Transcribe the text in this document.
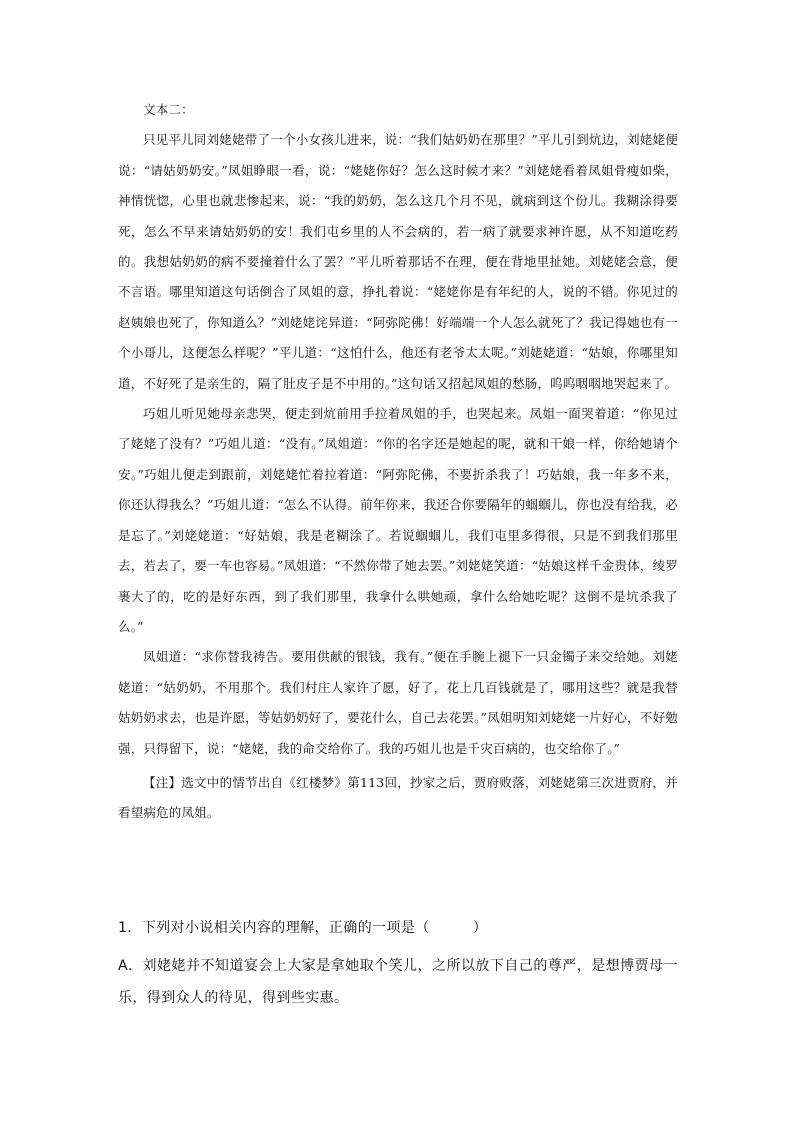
文本二：

只见平儿同刘姥姥带了一个小女孩儿进来，说：“我们姑奶奶在那里？”平儿引到炕边，刘姥姥便说：“请姑奶奶安。”凤姐睁眼一看，说：“姥姥你好？怎么这时候才来？”刘姥姥看着凤姐骨瘦如柴，神情恍惚，心里也就悲惨起来，说：“我的奶奶，怎么这几个月不见，就病到这个份儿。我糊涂得要死，怎么不早来请姑奶奶的安！我们屯乡里的人不会病的，若一病了就要求神许愿，从不知道吃药的。我想姑奶奶的病不要撞着什么了罢？”平儿听着那话不在理，便在背地里扯她。刘姥姥会意，便不言语。哪里知道这句话倒合了凤姐的意，挣扎着说：“姥姥你是有年纪的人，说的不错。你见过的赵姨娘也死了，你知道么？”刘姥姥诧异道：“阿弥陀佛！好端端一个人怎么就死了？我记得她也有一个小哥儿，这便怎么样呢？”平儿道：“这怕什么，他还有老爷太太呢。”刘姥姥道：“姑娘，你哪里知道，不好死了是亲生的，隔了肚皮子是不中用的。”这句话又招起凤姐的愁肠，呜呜咽咽地哭起来了。

巧姐儿听见她母亲悲哭，便走到炕前用手拉着凤姐的手，也哭起来。凤姐一面哭着道：“你见过了姥姥了没有？”巧姐儿道：“没有。”凤姐道：“你的名字还是她起的呢，就和干娘一样，你给她请个安。”巧姐儿便走到跟前，刘姥姥忙着拉着道：“阿弥陀佛，不要折杀我了！巧姑娘，我一年多不来，你还认得我么？”巧姐儿道：“怎么不认得。前年你来，我还合你要隔年的蝈蝈儿，你也没有给我，必是忘了。”刘姥姥道：“好姑娘，我是老糊涂了。若说蝈蝈儿，我们屯里多得很，只是不到我们那里去，若去了，要一车也容易。”凤姐道：“不然你带了她去罢。”刘姥姥笑道：“姑娘这样千金贵体，绫罗裹大了的，吃的是好东西，到了我们那里，我拿什么哄她顽，拿什么给她吃呢？这倒不是坑杀我了么。”

凤姐道：“求你替我祷告。要用供献的银钱，我有。”便在手腕上褪下一只金镯子来交给她。刘姥姥道：“姑奶奶，不用那个。我们村庄人家许了愿，好了，花上几百钱就是了，哪用这些？就是我替姑奶奶求去，也是许愿，等姑奶奶好了，要花什么，自己去花罢。”凤姐明知刘姥姥一片好心，不好勉强，只得留下，说：“姥姥，我的命交给你了。我的巧姐儿也是千灾百病的，也交给你了。”

【注】选文中的情节出自《红楼梦》第113回，抄家之后，贾府败落，刘姥姥第三次进贾府，并看望病危的凤姐。

1．下列对小说相关内容的理解，正确的一项是（　　　）

A．刘姥姥并不知道宴会上大家是拿她取个笑儿，之所以放下自己的尊严，是想博贾母一乐，得到众人的待见，得到些实惠。
